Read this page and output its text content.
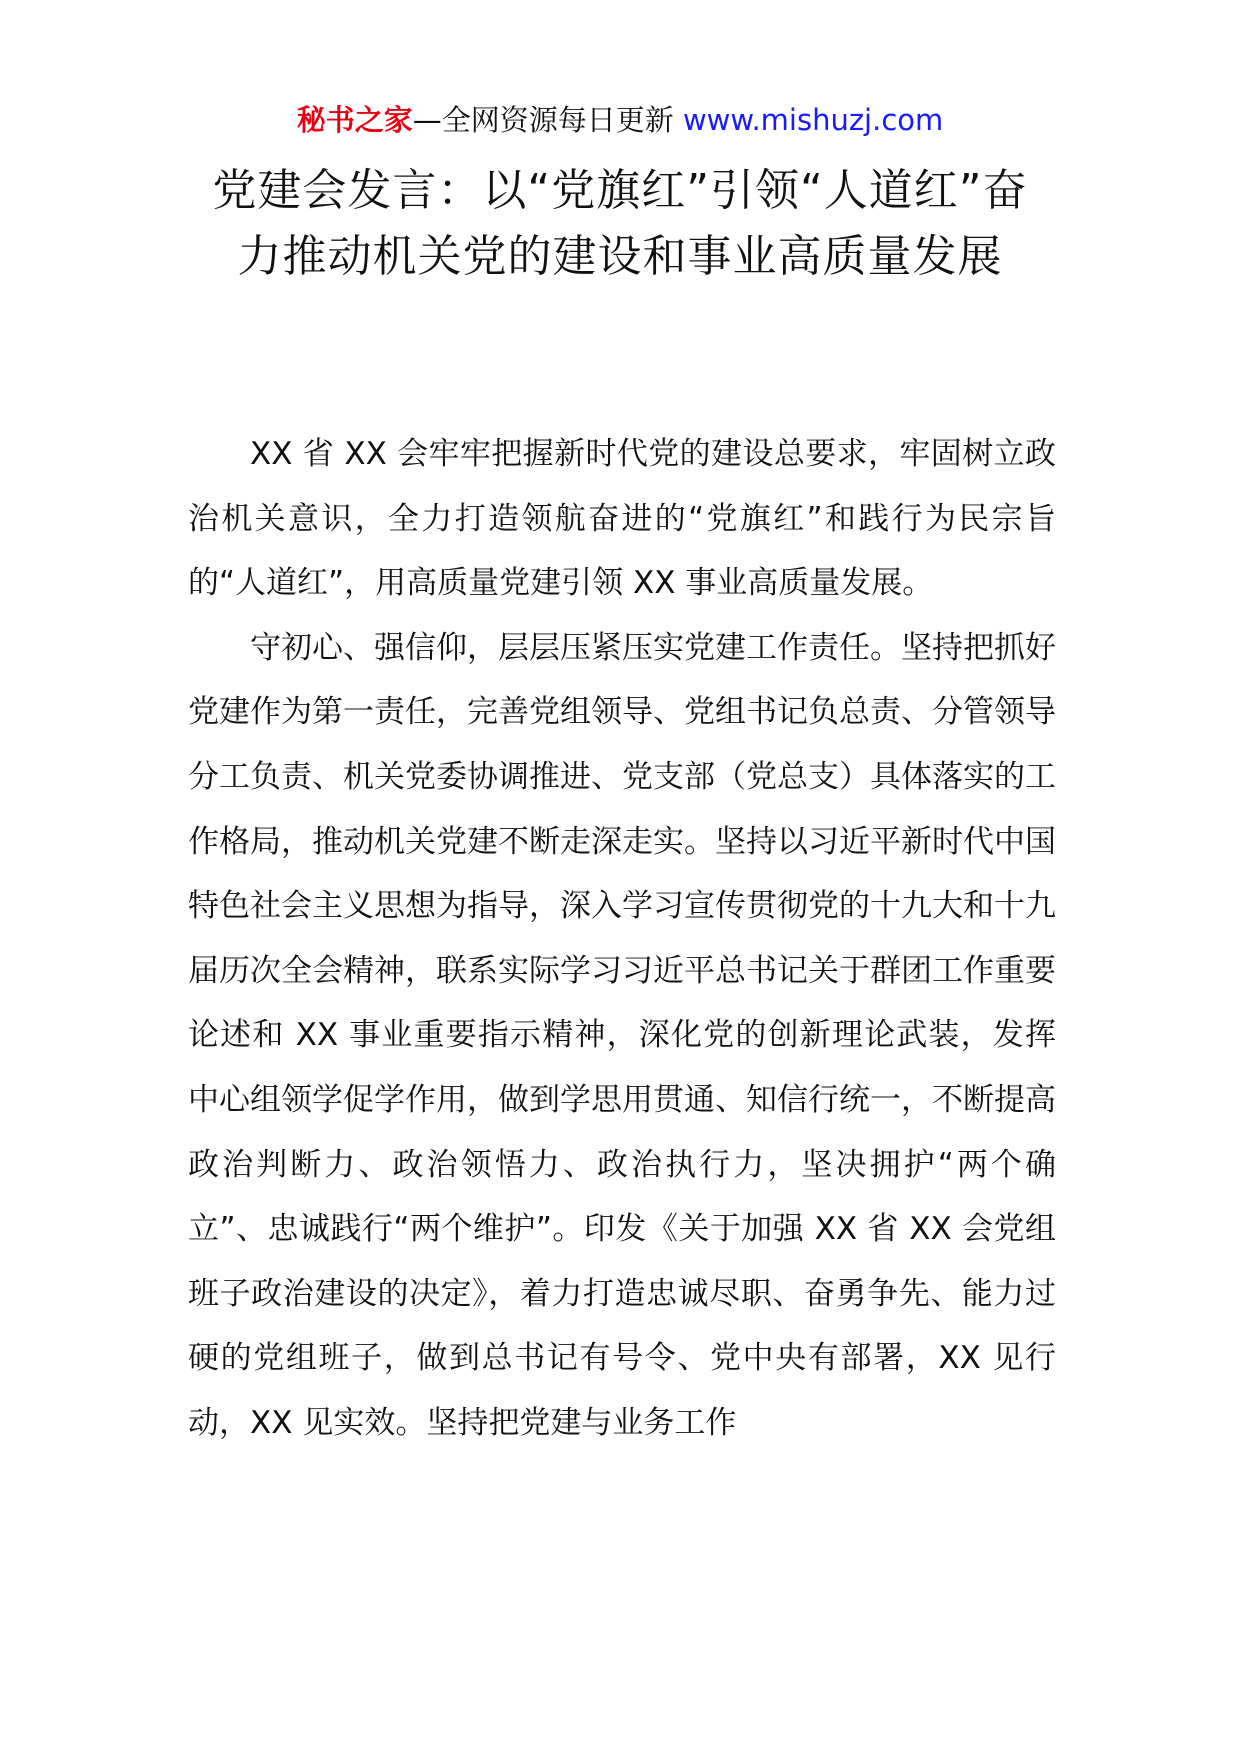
秘书之家—全网资源每日更新 www.mishuzj.com
党建会发言：以“党旗红”引领“人道红”奋力推动机关党的建设和事业高质量发展

XX 省 XX 会牢牢把握新时代党的建设总要求，牢固树立政治机关意识，全力打造领航奋进的“党旗红”和践行为民宗旨的“人道红”，用高质量党建引领 XX 事业高质量发展。

守初心、强信仰，层层压紧压实党建工作责任。坚持把抓好党建作为第一责任，完善党组领导、党组书记负总责、分管领导分工负责、机关党委协调推进、党支部（党总支）具体落实的工作格局，推动机关党建不断走深走实。坚持以习近平新时代中国特色社会主义思想为指导，深入学习宣传贯彻党的十九大和十九届历次全会精神，联系实际学习习近平总书记关于群团工作重要论述和 XX 事业重要指示精神，深化党的创新理论武装，发挥中心组领学促学作用，做到学思用贯通、知信行统一，不断提高政治判断力、政治领悟力、政治执行力，坚决拥护“两个确立”、忠诚践行“两个维护”。印发《关于加强 XX 省 XX 会党组班子政治建设的决定》，着力打造忠诚尽职、奋勇争先、能力过硬的党组班子，做到总书记有号令、党中央有部署，XX 见行动，XX 见实效。坚持把党建与业务工作
